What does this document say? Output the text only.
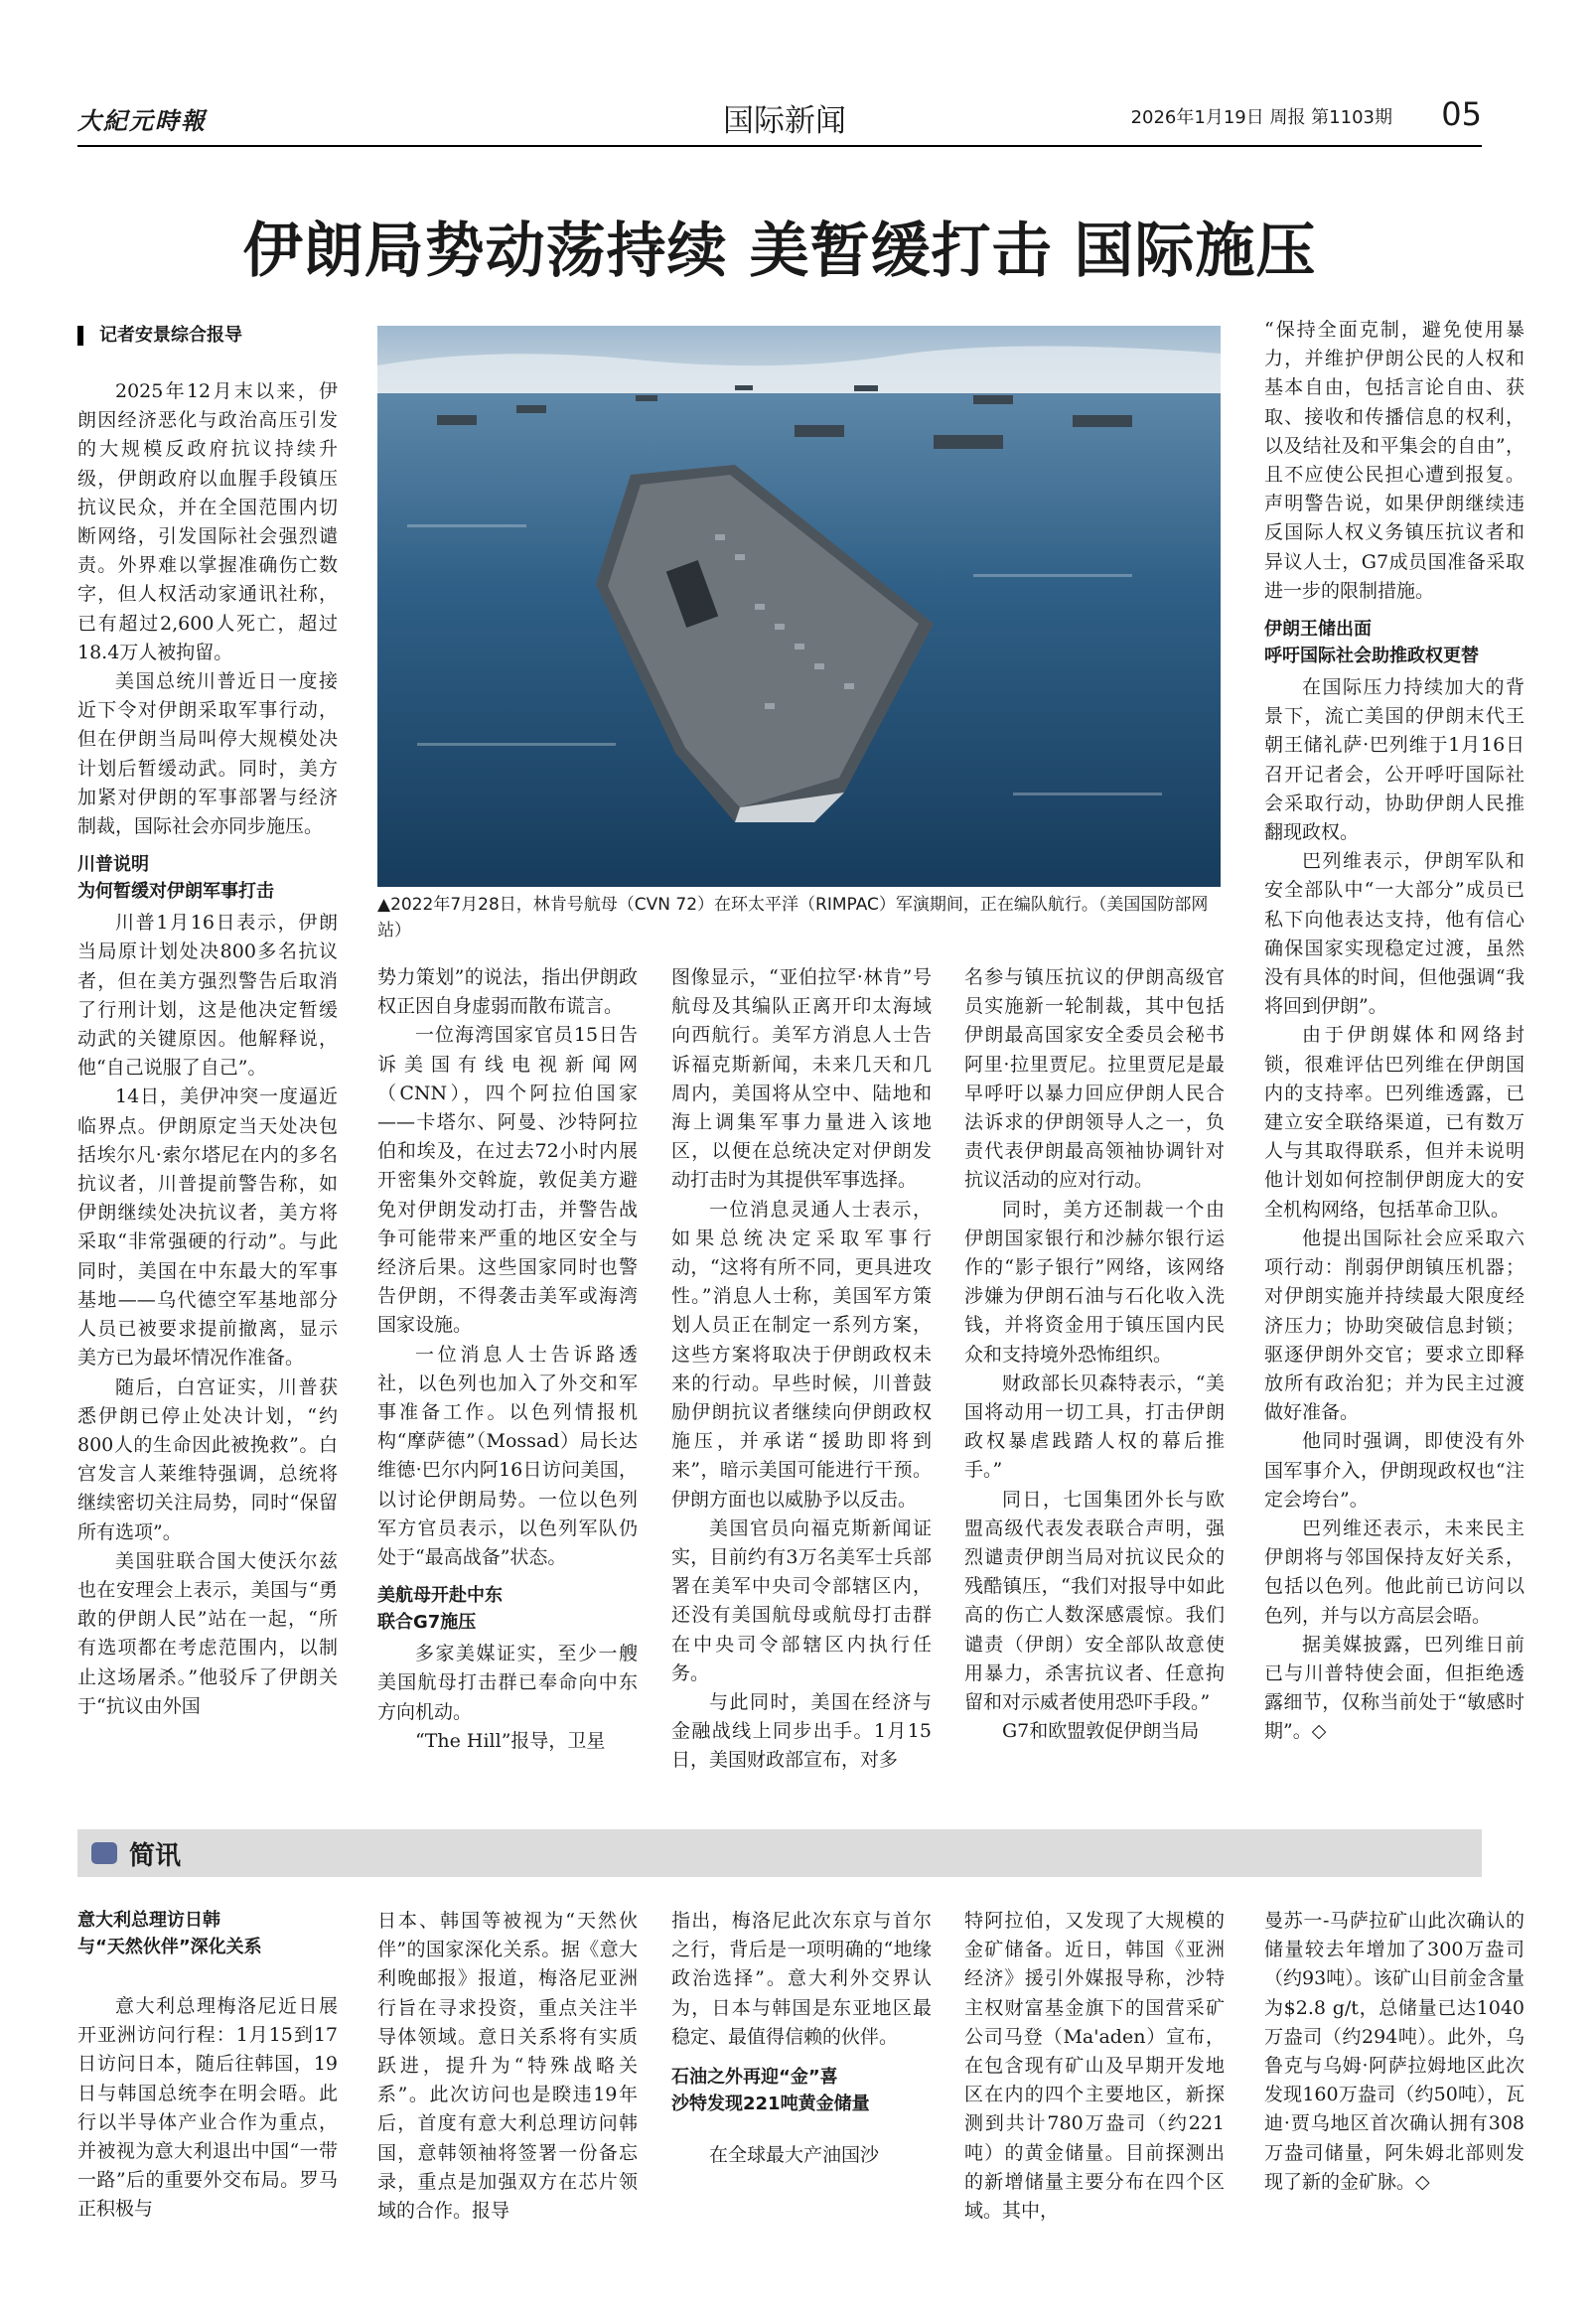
大紀元時報	国际新闻	2026年1月19日 周报 第1103期 05
伊朗局势动荡持续 美暂缓打击 国际施压
记者安景综合报导

2025年12月末以来，伊朗因经济恶化与政治高压引发的大规模反政府抗议持续升级，伊朗政府以血腥手段镇压抗议民众，并在全国范围内切断网络，引发国际社会强烈谴责。外界难以掌握准确伤亡数字，但人权活动家通讯社称，已有超过2,600人死亡，超过18.4万人被拘留。

美国总统川普近日一度接近下令对伊朗采取军事行动，但在伊朗当局叫停大规模处决计划后暂缓动武。同时，美方加紧对伊朗的军事部署与经济制裁，国际社会亦同步施压。

川普说明

为何暂缓对伊朗军事打击

川普1月16日表示，伊朗当局原计划处决800多名抗议者，但在美方强烈警告后取消了行刑计划，这是他决定暂缓动武的关键原因。他解释说，他“自己说服了自己”。

14日，美伊冲突一度逼近临界点。伊朗原定当天处决包括埃尔凡·索尔塔尼在内的多名抗议者，川普提前警告称，如伊朗继续处决抗议者，美方将采取“非常强硬的行动”。与此同时，美国在中东最大的军事基地——乌代德空军基地部分人员已被要求提前撤离，显示美方已为最坏情况作准备。

随后，白宫证实，川普获悉伊朗已停止处决计划，“约800人的生命因此被挽救”。白宫发言人莱维特强调，总统将继续密切关注局势，同时“保留所有选项”。

美国驻联合国大使沃尔兹也在安理会上表示，美国与“勇敢的伊朗人民”站在一起，“所有选项都在考虑范围内，以制止这场屠杀。”他驳斥了伊朗关于“抗议由外国

▲2022年7月28日，林肯号航母（CVN 72）在环太平洋（RIMPAC）军演期间，正在编队航行。（美国国防部网站）

势力策划”的说法，指出伊朗政权正因自身虚弱而散布谎言。

一位海湾国家官员15日告诉美国有线电视新闻网（CNN），四个阿拉伯国家——卡塔尔、阿曼、沙特阿拉伯和埃及，在过去72小时内展开密集外交斡旋，敦促美方避免对伊朗发动打击，并警告战争可能带来严重的地区安全与经济后果。这些国家同时也警告伊朗，不得袭击美军或海湾国家设施。

一位消息人士告诉路透社，以色列也加入了外交和军事准备工作。以色列情报机构“摩萨德”（Mossad）局长达维德·巴尔内阿16日访问美国，以讨论伊朗局势。一位以色列军方官员表示，以色列军队仍处于“最高战备”状态。

美航母开赴中东

联合G7施压

多家美媒证实，至少一艘美国航母打击群已奉命向中东方向机动。

“The Hill”报导，卫星

图像显示，“亚伯拉罕·林肯”号航母及其编队正离开印太海域向西航行。美军方消息人士告诉福克斯新闻，未来几天和几周内，美国将从空中、陆地和海上调集军事力量进入该地区，以便在总统决定对伊朗发动打击时为其提供军事选择。

一位消息灵通人士表示，如果总统决定采取军事行动，“这将有所不同，更具进攻性。”消息人士称，美国军方策划人员正在制定一系列方案，这些方案将取决于伊朗政权未来的行动。早些时候，川普鼓励伊朗抗议者继续向伊朗政权施压，并承诺“援助即将到来”，暗示美国可能进行干预。伊朗方面也以威胁予以反击。

美国官员向福克斯新闻证实，目前约有3万名美军士兵部署在美军中央司令部辖区内，还没有美国航母或航母打击群在中央司令部辖区内执行任务。

与此同时，美国在经济与金融战线上同步出手。1月15日，美国财政部宣布，对多

名参与镇压抗议的伊朗高级官员实施新一轮制裁，其中包括伊朗最高国家安全委员会秘书阿里·拉里贾尼。拉里贾尼是最早呼吁以暴力回应伊朗人民合法诉求的伊朗领导人之一，负责代表伊朗最高领袖协调针对抗议活动的应对行动。

同时，美方还制裁一个由伊朗国家银行和沙赫尔银行运作的“影子银行”网络，该网络涉嫌为伊朗石油与石化收入洗钱，并将资金用于镇压国内民众和支持境外恐怖组织。

财政部长贝森特表示，“美国将动用一切工具，打击伊朗政权暴虐践踏人权的幕后推手。”

同日，七国集团外长与欧盟高级代表发表联合声明，强烈谴责伊朗当局对抗议民众的残酷镇压，“我们对报导中如此高的伤亡人数深感震惊。我们谴责（伊朗）安全部队故意使用暴力，杀害抗议者、任意拘留和对示威者使用恐吓手段。”

G7和欧盟敦促伊朗当局

“保持全面克制，避免使用暴力，并维护伊朗公民的人权和基本自由，包括言论自由、获取、接收和传播信息的权利，以及结社及和平集会的自由”，且不应使公民担心遭到报复。声明警告说，如果伊朗继续违反国际人权义务镇压抗议者和异议人士，G7成员国准备采取进一步的限制措施。

伊朗王储出面

呼吁国际社会助推政权更替

在国际压力持续加大的背景下，流亡美国的伊朗末代王朝王储礼萨·巴列维于1月16日召开记者会，公开呼吁国际社会采取行动，协助伊朗人民推翻现政权。

巴列维表示，伊朗军队和安全部队中“一大部分”成员已私下向他表达支持，他有信心确保国家实现稳定过渡，虽然没有具体的时间，但他强调“我将回到伊朗”。

由于伊朗媒体和网络封锁，很难评估巴列维在伊朗国内的支持率。巴列维透露，已建立安全联络渠道，已有数万人与其取得联系，但并未说明他计划如何控制伊朗庞大的安全机构网络，包括革命卫队。

他提出国际社会应采取六项行动：削弱伊朗镇压机器；对伊朗实施并持续最大限度经济压力；协助突破信息封锁；驱逐伊朗外交官；要求立即释放所有政治犯；并为民主过渡做好准备。

他同时强调，即使没有外国军事介入，伊朗现政权也“注定会垮台”。

巴列维还表示，未来民主伊朗将与邻国保持友好关系，包括以色列。他此前已访问以色列，并与以方高层会晤。

据美媒披露，巴列维日前已与川普特使会面，但拒绝透露细节，仅称当前处于“敏感时期”。◇

简讯

意大利总理访日韩

与“天然伙伴”深化关系

意大利总理梅洛尼近日展开亚洲访问行程：1月15到17日访问日本，随后往韩国，19日与韩国总统李在明会晤。此行以半导体产业合作为重点，并被视为意大利退出中国“一带一路”后的重要外交布局。罗马正积极与

日本、韩国等被视为“天然伙伴”的国家深化关系。据《意大利晚邮报》报道，梅洛尼亚洲行旨在寻求投资，重点关注半导体领域。意日关系将有实质跃进，提升为“特殊战略关系”。此次访问也是睽违19年后，首度有意大利总理访问韩国，意韩领袖将签署一份备忘录，重点是加强双方在芯片领域的合作。报导

指出，梅洛尼此次东京与首尔之行，背后是一项明确的“地缘政治选择”。意大利外交界认为，日本与韩国是东亚地区最稳定、最值得信赖的伙伴。

石油之外再迎“金”喜

沙特发现221吨黄金储量

在全球最大产油国沙

特阿拉伯，又发现了大规模的金矿储备。近日，韩国《亚洲经济》援引外媒报导称，沙特主权财富基金旗下的国营采矿公司马登（Ma'aden）宣布，在包含现有矿山及早期开发地区在内的四个主要地区，新探测到共计780万盎司（约221吨）的黄金储量。目前探测出的新增储量主要分布在四个区域。其中，

曼苏一-马萨拉矿山此次确认的储量较去年增加了300万盎司（约93吨）。该矿山目前金含量为$2.8 g/t，总储量已达1040万盎司（约294吨）。此外，乌鲁克与乌姆·阿萨拉姆地区此次发现160万盎司（约50吨），瓦迪·贾乌地区首次确认拥有308万盎司储量，阿朱姆北部则发现了新的金矿脉。◇
